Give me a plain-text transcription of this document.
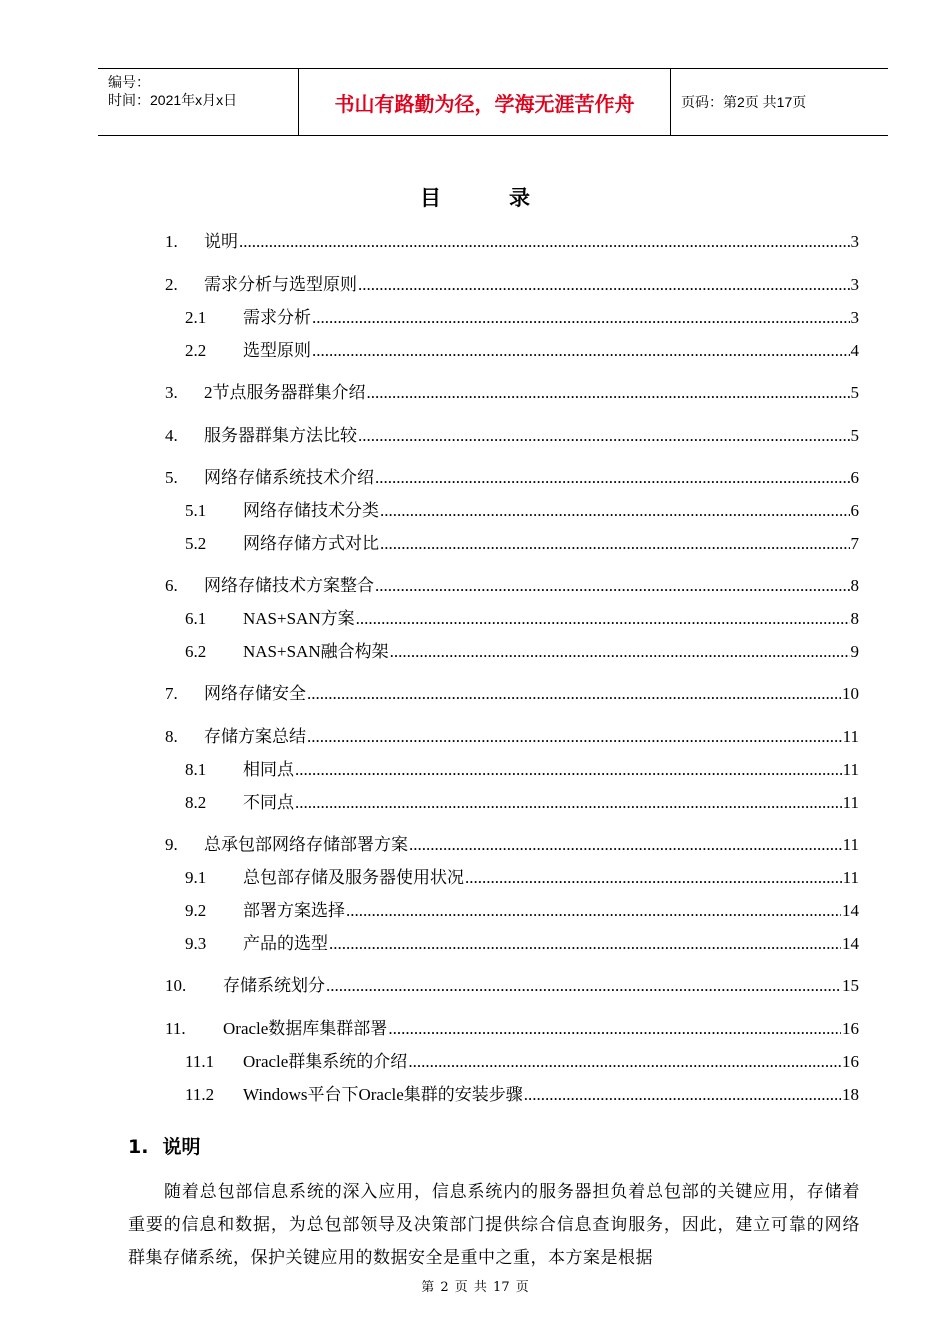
编号：
时间：2021年x月x日	书山有路勤为径，学海无涯苦作舟	页码：第2页 共17页
目录
1.	说明 .....	3
2.	需求分析与选型原则 .....	3
2.1	需求分析 .....	3
2.2	选型原则 .....	4
3.	2节点服务器群集介绍 .....	5
4.	服务器群集方法比较 .....	5
5.	网络存储系统技术介绍 .....	6
5.1	网络存储技术分类 .....	6
5.2	网络存储方式对比 .....	7
6.	网络存储技术方案整合 .....	8
6.1	NAS+SAN方案 .....	8
6.2	NAS+SAN融合构架 .....	9
7.	网络存储安全 .....	10
8.	存储方案总结 .....	11
8.1	相同点 .....	11
8.2	不同点 .....	11
9.	总承包部网络存储部署方案 .....	11
9.1	总包部存储及服务器使用状况 .....	11
9.2	部署方案选择 .....	14
9.3	产品的选型 .....	14
10.	存储系统划分 .....	15
11.	Oracle数据库集群部署 .....	16
11.1	Oracle群集系统的介绍 .....	16
11.2	Windows平台下Oracle集群的安装步骤 .....	18
1. 说明
随着总包部信息系统的深入应用，信息系统内的服务器担负着总包部的关键应用，存储着重要的信息和数据，为总包部领导及决策部门提供综合信息查询服务，因此，建立可靠的网络群集存储系统，保护关键应用的数据安全是重中之重，本方案是根据
第 2 页 共 17 页
